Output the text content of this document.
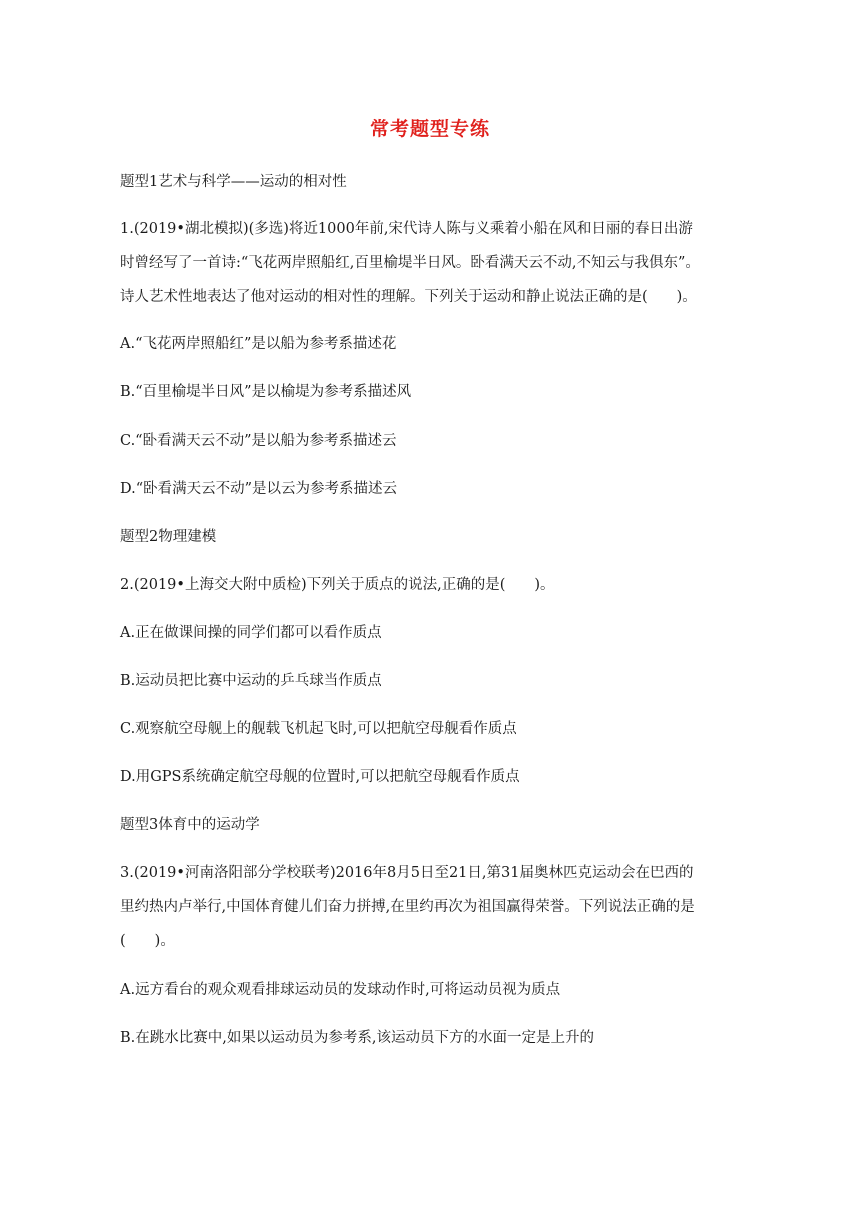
常考题型专练
题型1艺术与科学——运动的相对性
1.(2019•湖北模拟)(多选)将近1000年前,宋代诗人陈与义乘着小船在风和日丽的春日出游
时曾经写了一首诗:“飞花两岸照船红,百里榆堤半日风。卧看满天云不动,不知云与我俱东”。
诗人艺术性地表达了他对运动的相对性的理解。下列关于运动和静止说法正确的是(　　)。
A.“飞花两岸照船红”是以船为参考系描述花
B.“百里榆堤半日风”是以榆堤为参考系描述风
C.“卧看满天云不动”是以船为参考系描述云
D.“卧看满天云不动”是以云为参考系描述云
题型2物理建模
2.(2019•上海交大附中质检)下列关于质点的说法,正确的是(　　)。
A.正在做课间操的同学们都可以看作质点
B.运动员把比赛中运动的乒乓球当作质点
C.观察航空母舰上的舰载飞机起飞时,可以把航空母舰看作质点
D.用GPS系统确定航空母舰的位置时,可以把航空母舰看作质点
题型3体育中的运动学
3.(2019•河南洛阳部分学校联考)2016年8月5日至21日,第31届奥林匹克运动会在巴西的
里约热内卢举行,中国体育健儿们奋力拼搏,在里约再次为祖国赢得荣誉。下列说法正确的是
(　　)。
A.远方看台的观众观看排球运动员的发球动作时,可将运动员视为质点
B.在跳水比赛中,如果以运动员为参考系,该运动员下方的水面一定是上升的
